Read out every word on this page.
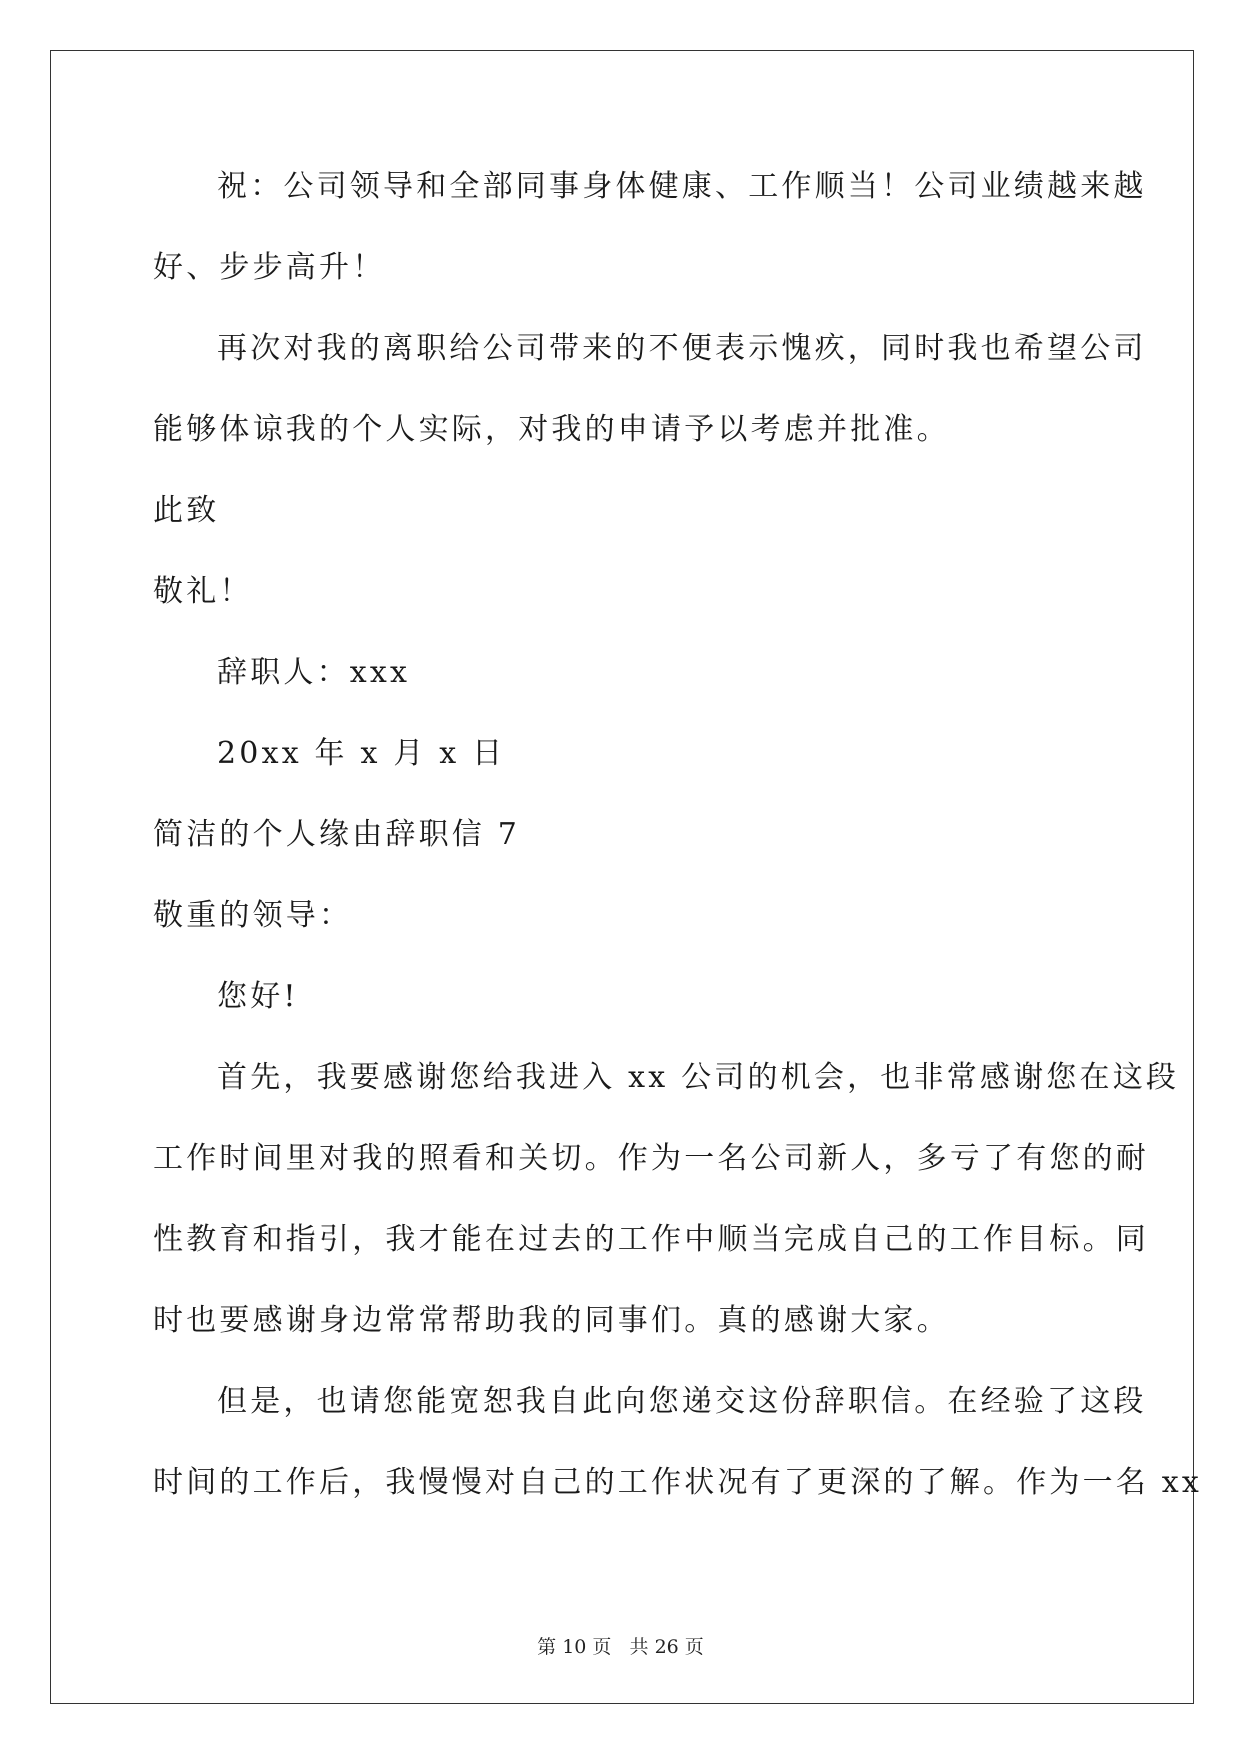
祝：公司领导和全部同事身体健康、工作顺当！公司业绩越来越

好、步步高升！

再次对我的离职给公司带来的不便表示愧疚，同时我也希望公司

能够体谅我的个人实际，对我的申请予以考虑并批准。

此致

敬礼！

辞职人：xxx

20xx 年 x 月 x 日

简洁的个人缘由辞职信 7

敬重的领导：

您好!

首先，我要感谢您给我进入 xx 公司的机会，也非常感谢您在这段

工作时间里对我的照看和关切。作为一名公司新人，多亏了有您的耐

性教育和指引，我才能在过去的工作中顺当完成自己的工作目标。同

时也要感谢身边常常帮助我的同事们。真的感谢大家。

但是，也请您能宽恕我自此向您递交这份辞职信。在经验了这段

时间的工作后，我慢慢对自己的工作状况有了更深的了解。作为一名 xx

第 10 页   共 26 页
